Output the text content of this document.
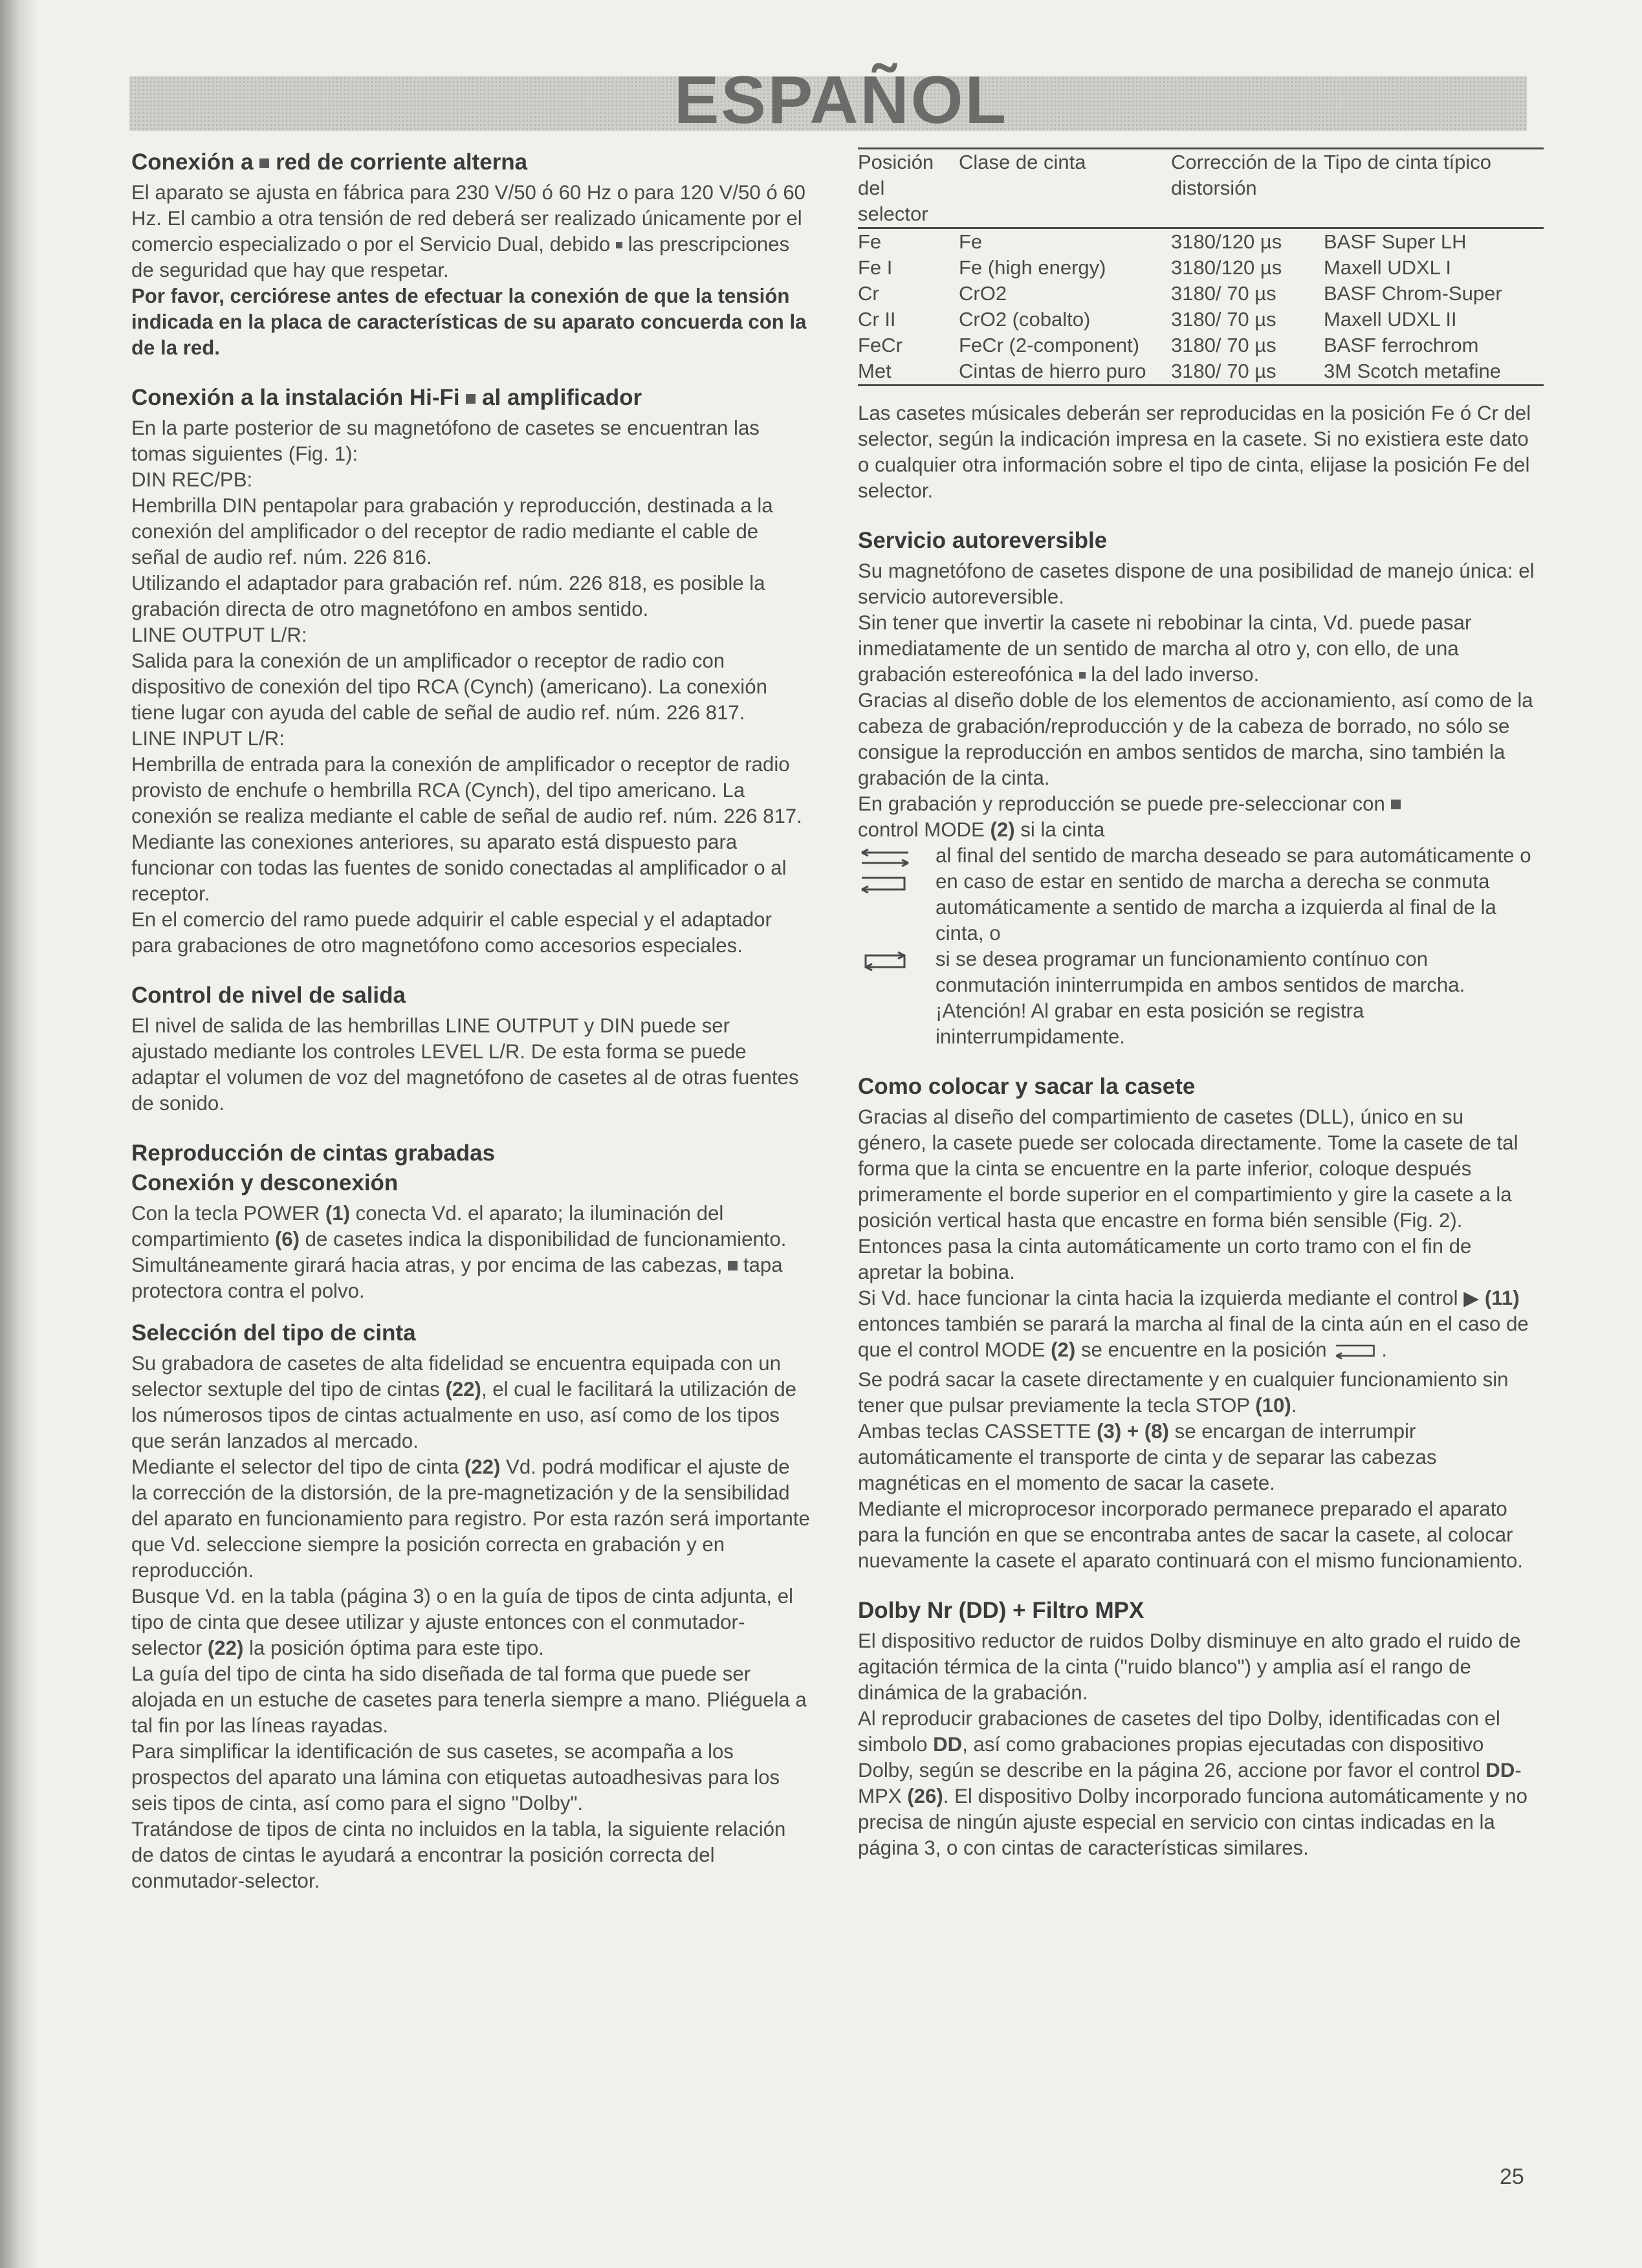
ESPAÑOL
Conexión a red de corriente alterna

El aparato se ajusta en fábrica para 230 V/50 ó 60 Hz o para 120 V/50 ó 60 Hz. El cambio a otra tensión de red deberá ser realizado únicamente por el comercio especializado o por el Servicio Dual, debido las prescripciones de seguridad que hay que respetar.

Por favor, cerciórese antes de efectuar la conexión de que la tensión indicada en la placa de características de su aparato concuerda con la de la red.

Conexión a la instalación Hi-Fi al amplificador

En la parte posterior de su magnetófono de casetes se encuentran las tomas siguientes (Fig. 1):

DIN REC/PB:

Hembrilla DIN pentapolar para grabación y reproducción, destinada a la conexión del amplificador o del receptor de radio mediante el cable de señal de audio ref. núm. 226 816.

Utilizando el adaptador para grabación ref. núm. 226 818, es posible la grabación directa de otro magnetófono en ambos sentido.

LINE OUTPUT L/R:

Salida para la conexión de un amplificador o receptor de radio con dispositivo de conexión del tipo RCA (Cynch) (americano). La conexión tiene lugar con ayuda del cable de señal de audio ref. núm. 226 817.

LINE INPUT L/R:

Hembrilla de entrada para la conexión de amplificador o receptor de radio provisto de enchufe o hembrilla RCA (Cynch), del tipo americano. La conexión se realiza mediante el cable de señal de audio ref. núm. 226 817.

Mediante las conexiones anteriores, su aparato está dispuesto para funcionar con todas las fuentes de sonido conectadas al amplificador o al receptor.

En el comercio del ramo puede adquirir el cable especial y el adaptador para grabaciones de otro magnetófono como accesorios especiales.

Control de nivel de salida

El nivel de salida de las hembrillas LINE OUTPUT y DIN puede ser ajustado mediante los controles LEVEL L/R. De esta forma se puede adaptar el volumen de voz del magnetófono de casetes al de otras fuentes de sonido.

Reproducción de cintas grabadas
Conexión y desconexión

Con la tecla POWER (1) conecta Vd. el aparato; la iluminación del compartimiento (6) de casetes indica la disponibilidad de funcionamiento. Simultáneamente girará hacia atras, y por encima de las cabezas, tapa protectora contra el polvo.

Selección del tipo de cinta

Su grabadora de casetes de alta fidelidad se encuentra equipada con un selector sextuple del tipo de cintas (22), el cual le facilitará la utilización de los númerosos tipos de cintas actualmente en uso, así como de los tipos que serán lanzados al mercado.

Mediante el selector del tipo de cinta (22) Vd. podrá modificar el ajuste de la corrección de la distorsión, de la pre-magnetización y de la sensibilidad del aparato en funcionamiento para registro. Por esta razón será importante que Vd. seleccione siempre la posición correcta en grabación y en reproducción.

Busque Vd. en la tabla (página 3) o en la guía de tipos de cinta adjunta, el tipo de cinta que desee utilizar y ajuste entonces con el conmutador-selector (22) la posición óptima para este tipo.

La guía del tipo de cinta ha sido diseñada de tal forma que puede ser alojada en un estuche de casetes para tenerla siempre a mano. Pliéguela a tal fin por las líneas rayadas.

Para simplificar la identificación de sus casetes, se acompaña a los prospectos del aparato una lámina con etiquetas autoadhesivas para los seis tipos de cinta, así como para el signo "Dolby".

Tratándose de tipos de cinta no incluidos en la tabla, la siguiente relación de datos de cintas le ayudará a encontrar la posición correcta del conmutador-selector.

Posición del selector	Clase de cinta	Corrección de la distorsión	Tipo de cinta típico
Fe	Fe	3180/120 µs	BASF Super LH
Fe I	Fe (high energy)	3180/120 µs	Maxell UDXL I
Cr	CrO2	3180/ 70 µs	BASF Chrom-Super
Cr II	CrO2 (cobalto)	3180/ 70 µs	Maxell UDXL II
FeCr	FeCr (2-component)	3180/ 70 µs	BASF ferrochrom
Met	Cintas de hierro puro	3180/ 70 µs	3M Scotch metafine

Las casetes músicales deberán ser reproducidas en la posición Fe ó Cr del selector, según la indicación impresa en la casete. Si no existiera este dato o cualquier otra información sobre el tipo de cinta, elijase la posición Fe del selector.

Servicio autoreversible

Su magnetófono de casetes dispone de una posibilidad de manejo única: el servicio autoreversible.

Sin tener que invertir la casete ni rebobinar la cinta, Vd. puede pasar inmediatamente de un sentido de marcha al otro y, con ello, de una grabación estereofónica la del lado inverso.

Gracias al diseño doble de los elementos de accionamiento, así como de la cabeza de grabación/reproducción y de la cabeza de borrado, no sólo se consigue la reproducción en ambos sentidos de marcha, sino también la grabación de la cinta.

En grabación y reproducción se puede pre-seleccionar con
control MODE (2) si la cinta

al final del sentido de marcha deseado se para automáticamente o
en caso de estar en sentido de marcha a derecha se conmuta automáticamente a sentido de marcha a izquierda al final de la cinta, o
si se desea programar un funcionamiento contínuo con conmutación ininterrumpida en ambos sentidos de marcha.

¡Atención! Al grabar en esta posición se registra ininterrumpidamente.

Como colocar y sacar la casete

Gracias al diseño del compartimiento de casetes (DLL), único en su género, la casete puede ser colocada directamente. Tome la casete de tal forma que la cinta se encuentre en la parte inferior, coloque después primeramente el borde superior en el compartimiento y gire la casete a la posición vertical hasta que encastre en forma bién sensible (Fig. 2).

Entonces pasa la cinta automáticamente un corto tramo con el fin de apretar la bobina.

Si Vd. hace funcionar la cinta hacia la izquierda mediante el control ▶ (11) entonces también se parará la marcha al final de la cinta aún en el caso de que el control MODE (2) se encuentre en la posición	.

Se podrá sacar la casete directamente y en cualquier funcionamiento sin tener que pulsar previamente la tecla STOP (10).

Ambas teclas CASSETTE (3) + (8) se encargan de interrumpir automáticamente el transporte de cinta y de separar las cabezas magnéticas en el momento de sacar la casete.

Mediante el microprocesor incorporado permanece preparado el aparato para la función en que se encontraba antes de sacar la casete, al colocar nuevamente la casete el aparato continuará con el mismo funcionamiento.

Dolby Nr (DD) + Filtro MPX

El dispositivo reductor de ruidos Dolby disminuye en alto grado el ruido de agitación térmica de la cinta ("ruido blanco") y amplia así el rango de dinámica de la grabación.

Al reproducir grabaciones de casetes del tipo Dolby, identificadas con el simbolo DD, así como grabaciones propias ejecutadas con dispositivo Dolby, según se describe en la página 26, accione por favor el control DD-MPX (26). El dispositivo Dolby incorporado funciona automáticamente y no precisa de ningún ajuste especial en servicio con cintas indicadas en la página 3, o con cintas de características similares.

25
